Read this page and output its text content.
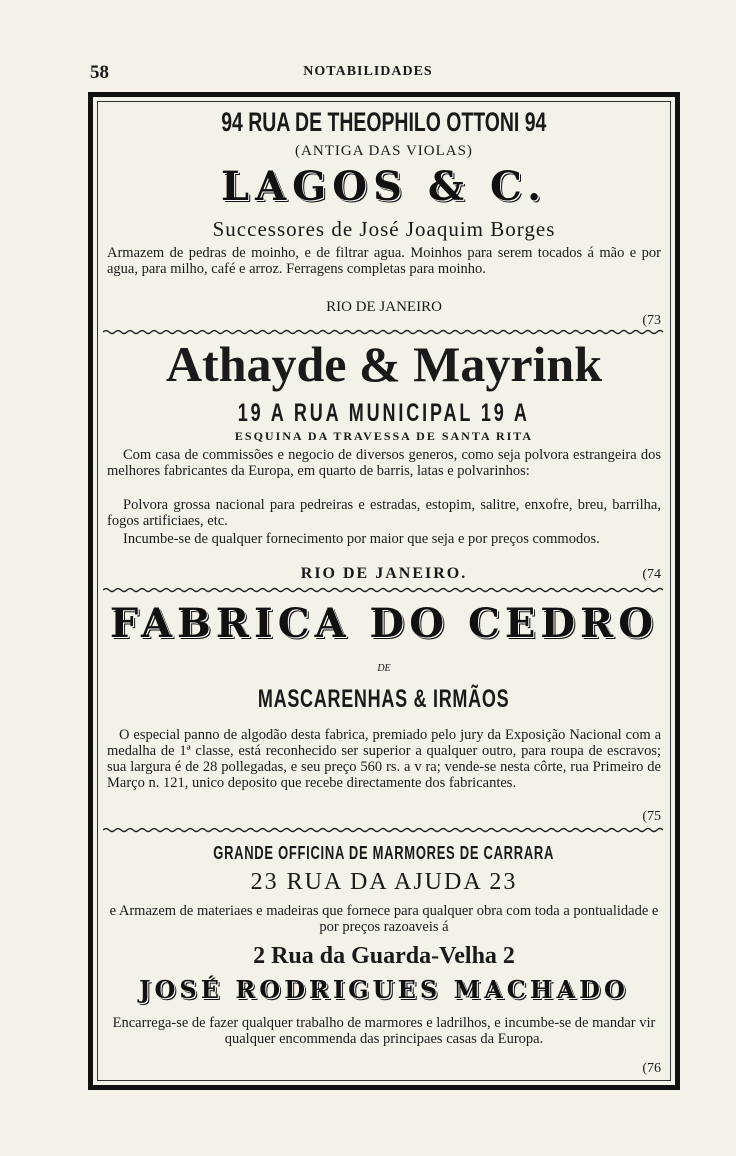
58	NOTABILIDADES
94 RUA DE THEOPHILO OTTONI 94
(ANTIGA DAS VIOLAS)
LAGOS & C.
Successores de José Joaquim Borges
Armazem de pedras de moinho, e de filtrar agua. Moinhos para serem tocados á mão e por agua, para milho, café e arroz. Ferragens completas para moinho.
RIO DE JANEIRO
(73
Athayde & Mayrink
19 A RUA MUNICIPAL 19 A
ESQUINA DA TRAVESSA DE SANTA RITA
Com casa de commissões e negocio de diversos generos, como seja polvora estrangeira dos melhores fabricantes da Europa, em quarto de barris, latas e polvarinhos:
Polvora grossa nacional para pedreiras e estradas, estopim, salitre, enxofre, breu, barrilha, fogos artificiaes, etc.
Incumbe-se de qualquer fornecimento por maior que seja e por preços commodos.
RIO DE JANEIRO.	(74
FABRICA DO CEDRO
DE
MASCARENHAS & IRMÃOS
O especial panno de algodão desta fabrica, premiado pelo jury da Exposição Nacional com a medalha de 1ª classe, está reconhecido ser superior a qualquer outro, para roupa de escravos; sua largura é de 28 pollegadas, e seu preço 560 rs. a v ra; vende-se nesta côrte, rua Primeiro de Março n. 121, unico deposito que recebe directamente dos fabricantes.
(75
GRANDE OFFICINA DE MARMORES DE CARRARA
23 RUA DA AJUDA 23
e Armazem de materiaes e madeiras que fornece para qualquer obra com toda a pontualidade e por preços razoaveis á
2 Rua da Guarda-Velha 2
JOSÉ RODRIGUES MACHADO
Encarrega-se de fazer qualquer trabalho de marmores e ladrilhos, e incumbe-se de mandar vir qualquer encommenda das principaes casas da Europa.
(76
